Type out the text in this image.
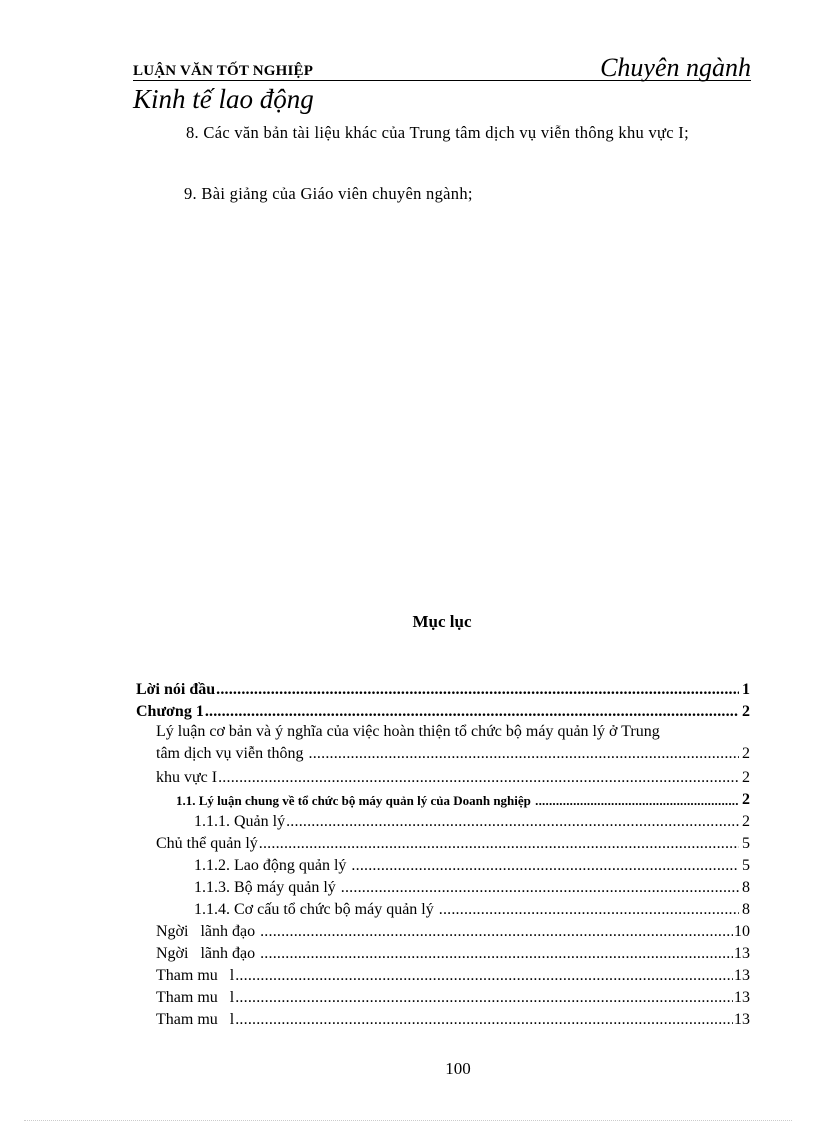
LUẬN VĂN TỐT NGHIỆP	Chuyên ngành
Kinh tế lao động
8. Các văn bản tài liệu khác của Trung tâm dịch vụ viễn thông khu vực I;
9. Bài giảng của Giáo viên chuyên ngành;
Mục lục
Lời nói đầu .....	1
Chương 1 .....	2
Lý luận cơ bản và ý nghĩa của việc hoàn thiện tổ chức bộ máy quản lý ở Trung
tâm dịch vụ viễn thông .....	2
khu vực I .....	2
1.1. Lý luận chung về tổ chức bộ máy quản lý của Doanh nghiệp .....	2
1.1.1. Quản lý .....	2
Chủ thể quản lý .....	5
1.1.2. Lao động quản lý .....	5
1.1.3. Bộ máy quản lý .....	8
1.1.4. Cơ cấu tổ chức bộ máy quản lý .....	8
Ngời   lãnh đạo .....	10
Ngời   lãnh đạo .....	13
Tham mu   l .....	13
Tham mu   l .....	13
Tham mu   l .....	13
100
